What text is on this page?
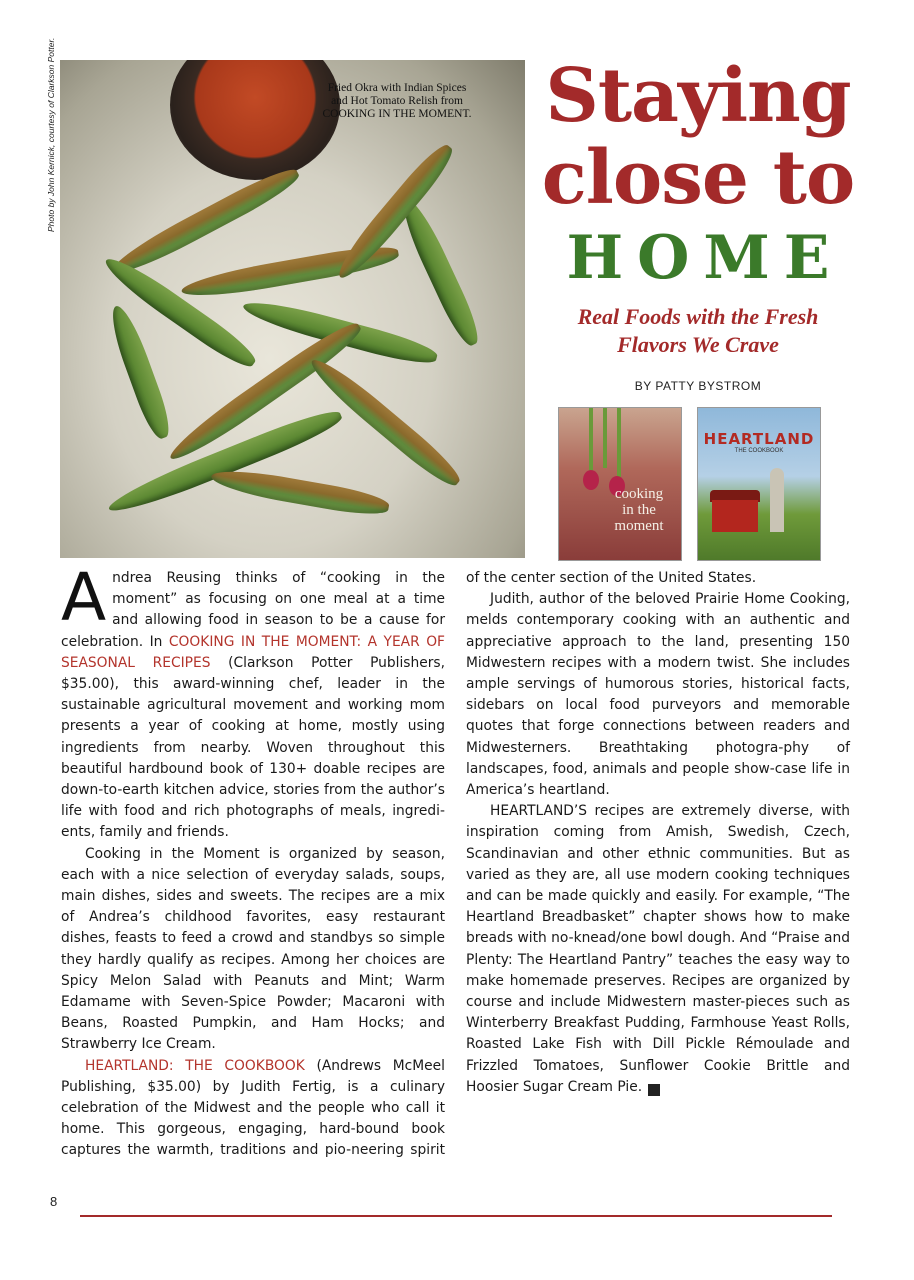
Photo by John Kernick, courtesy of Clarkson Potter.	Fried Okra with Indian Spices
and Hot Tomato Relish from
COOKING IN THE MOMENT. Staying
close to
HOME
Real Foods with the Fresh
Flavors We Crave
BY PATTY BYSTROM
cooking
in the
moment
HEARTLAND
THE COOKBOOK

Andrea Reusing thinks of “cooking in the moment” as focusing on one meal at a time and allowing food in season to be a cause for celebration. In COOKING IN THE MOMENT: A YEAR OF SEASONAL RECIPES (Clarkson Potter Publishers, $35.00), this award-winning chef, leader in the sustainable agricultural movement and working mom presents a year of cooking at home, mostly using ingredients from nearby. Woven throughout this beautiful hardbound book of 130+ doable recipes are down-to-earth kitchen advice, stories from the author’s life with food and rich photographs of meals, ingredi-ents, family and friends.

Cooking in the Moment is organized by season, each with a nice selection of everyday salads, soups, main dishes, sides and sweets. The recipes are a mix of Andrea’s childhood favorites, easy restaurant dishes, feasts to feed a crowd and standbys so simple they hardly qualify as recipes. Among her choices are Spicy Melon Salad with Peanuts and Mint; Warm Edamame with Seven-Spice Powder; Macaroni with Beans, Roasted Pumpkin, and Ham Hocks; and Strawberry Ice Cream.

HEARTLAND: THE COOKBOOK (Andrews McMeel Publishing, $35.00) by Judith Fertig, is a culinary celebration of the Midwest and the people who call it home. This gorgeous, engaging, hard-bound book captures the warmth, traditions and pio-neering spirit

of the center section of the United States.

Judith, author of the beloved Prairie Home Cooking, melds contemporary cooking with an authentic and appreciative approach to the land, presenting 150 Midwestern recipes with a modern twist. She includes ample servings of humorous stories, historical facts, sidebars on local food purveyors and memorable quotes that forge connections between readers and Midwesterners. Breathtaking photogra-phy of landscapes, food, animals and people show-case life in America’s heartland.

HEARTLAND’S recipes are extremely diverse, with inspiration coming from Amish, Swedish, Czech, Scandinavian and other ethnic communities. But as varied as they are, all use modern cooking techniques and can be made quickly and easily. For example, “The Heartland Breadbasket” chapter shows how to make breads with no-knead/one bowl dough. And “Praise and Plenty: The Heartland Pantry” teaches the easy way to make homemade preserves. Recipes are organized by course and include Midwestern master-pieces such as Winterberry Breakfast Pudding, Farmhouse Yeast Rolls, Roasted Lake Fish with Dill Pickle Rémoulade and Frizzled Tomatoes, Sunflower Cookie Brittle and Hoosier Sugar Cream Pie.	C

8
